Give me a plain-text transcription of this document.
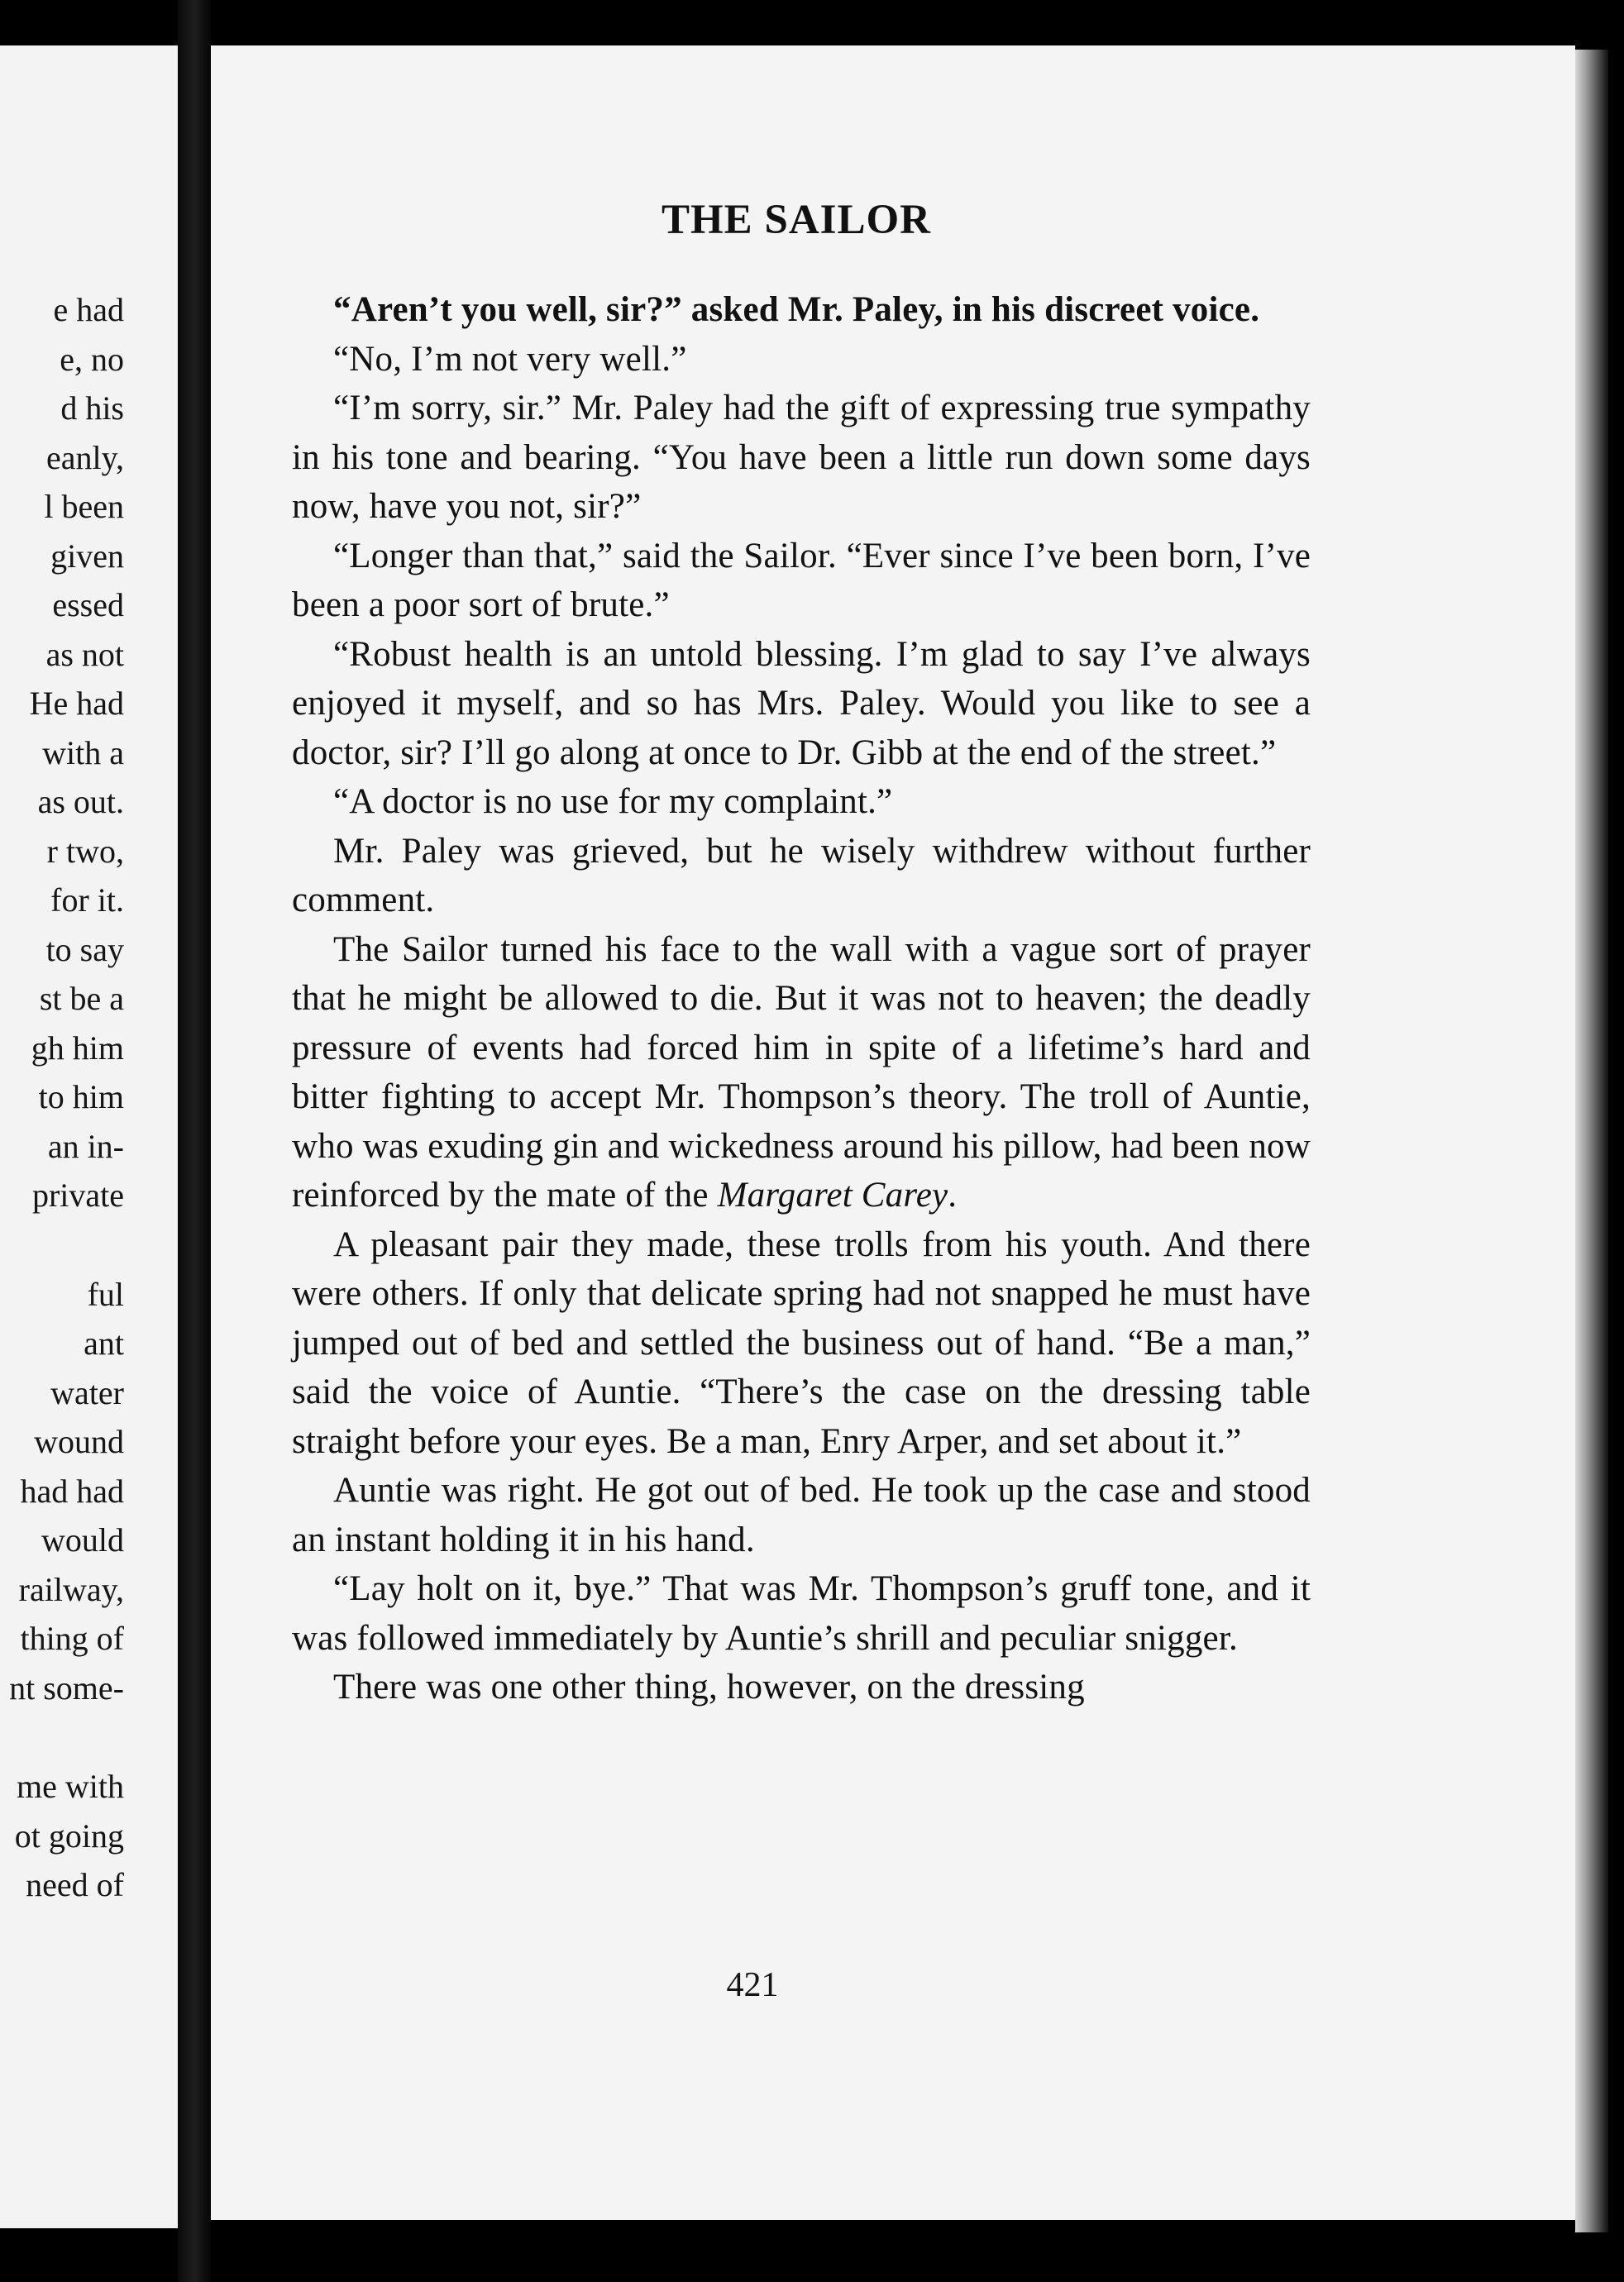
e had
e, no
d his
eanly,
l been
given
essed
as not
He had
with a
as out.
r two,
for it.
to say
st be a
gh him
to him
an in-
private
ful
ant
water
wound
had had
would
railway,
thing of
nt some-
me with
ot going
need of
THE SAILOR

“Aren’t you well, sir?” asked Mr. Paley, in his discreet voice.

“No, I’m not very well.”

“I’m sorry, sir.” Mr. Paley had the gift of expressing true sympathy in his tone and bearing. “You have been a little run down some days now, have you not, sir?”

“Longer than that,” said the Sailor. “Ever since I’ve been born, I’ve been a poor sort of brute.”

“Robust health is an untold blessing. I’m glad to say I’ve always enjoyed it myself, and so has Mrs. Paley. Would you like to see a doctor, sir? I’ll go along at once to Dr. Gibb at the end of the street.”

“A doctor is no use for my complaint.”

Mr. Paley was grieved, but he wisely withdrew without further comment.

The Sailor turned his face to the wall with a vague sort of prayer that he might be allowed to die. But it was not to heaven; the deadly pressure of events had forced him in spite of a lifetime’s hard and bitter fighting to accept Mr. Thompson’s theory. The troll of Auntie, who was exuding gin and wickedness around his pillow, had been now reinforced by the mate of the Margaret Carey.

A pleasant pair they made, these trolls from his youth. And there were others. If only that delicate spring had not snapped he must have jumped out of bed and settled the business out of hand. “Be a man,” said the voice of Auntie. “There’s the case on the dressing table straight before your eyes. Be a man, Enry Arper, and set about it.”

Auntie was right. He got out of bed. He took up the case and stood an instant holding it in his hand.

“Lay holt on it, bye.” That was Mr. Thompson’s gruff tone, and it was followed immediately by Auntie’s shrill and peculiar snigger.

There was one other thing, however, on the dressing

421
